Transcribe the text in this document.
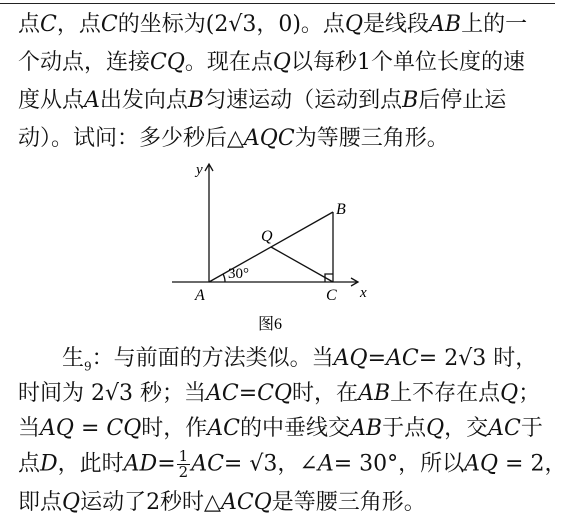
点C，点C的坐标为(2√3，0)。点Q是线段AB上的一
个动点，连接CQ。现在点Q以每秒1个单位长度的速
度从点A出发向点B匀速运动（运动到点B后停止运
动）。试问：多少秒后△AQC为等腰三角形。
y
x
A
B
C
Q
30°
图6
生$_9$：与前面的方法类似。当AQ=AC= 2√3 时，
时间为 2√3 秒；当AC=CQ时，在AB上不存在点Q；
当AQ = CQ时，作AC的中垂线交AB于点Q，交AC于
点D，此时$AD= \frac{1}{2} AC= √3$，∠A= 30°，所以AQ = 2，
即点Q运动了2秒时△ACQ是等腰三角形。
